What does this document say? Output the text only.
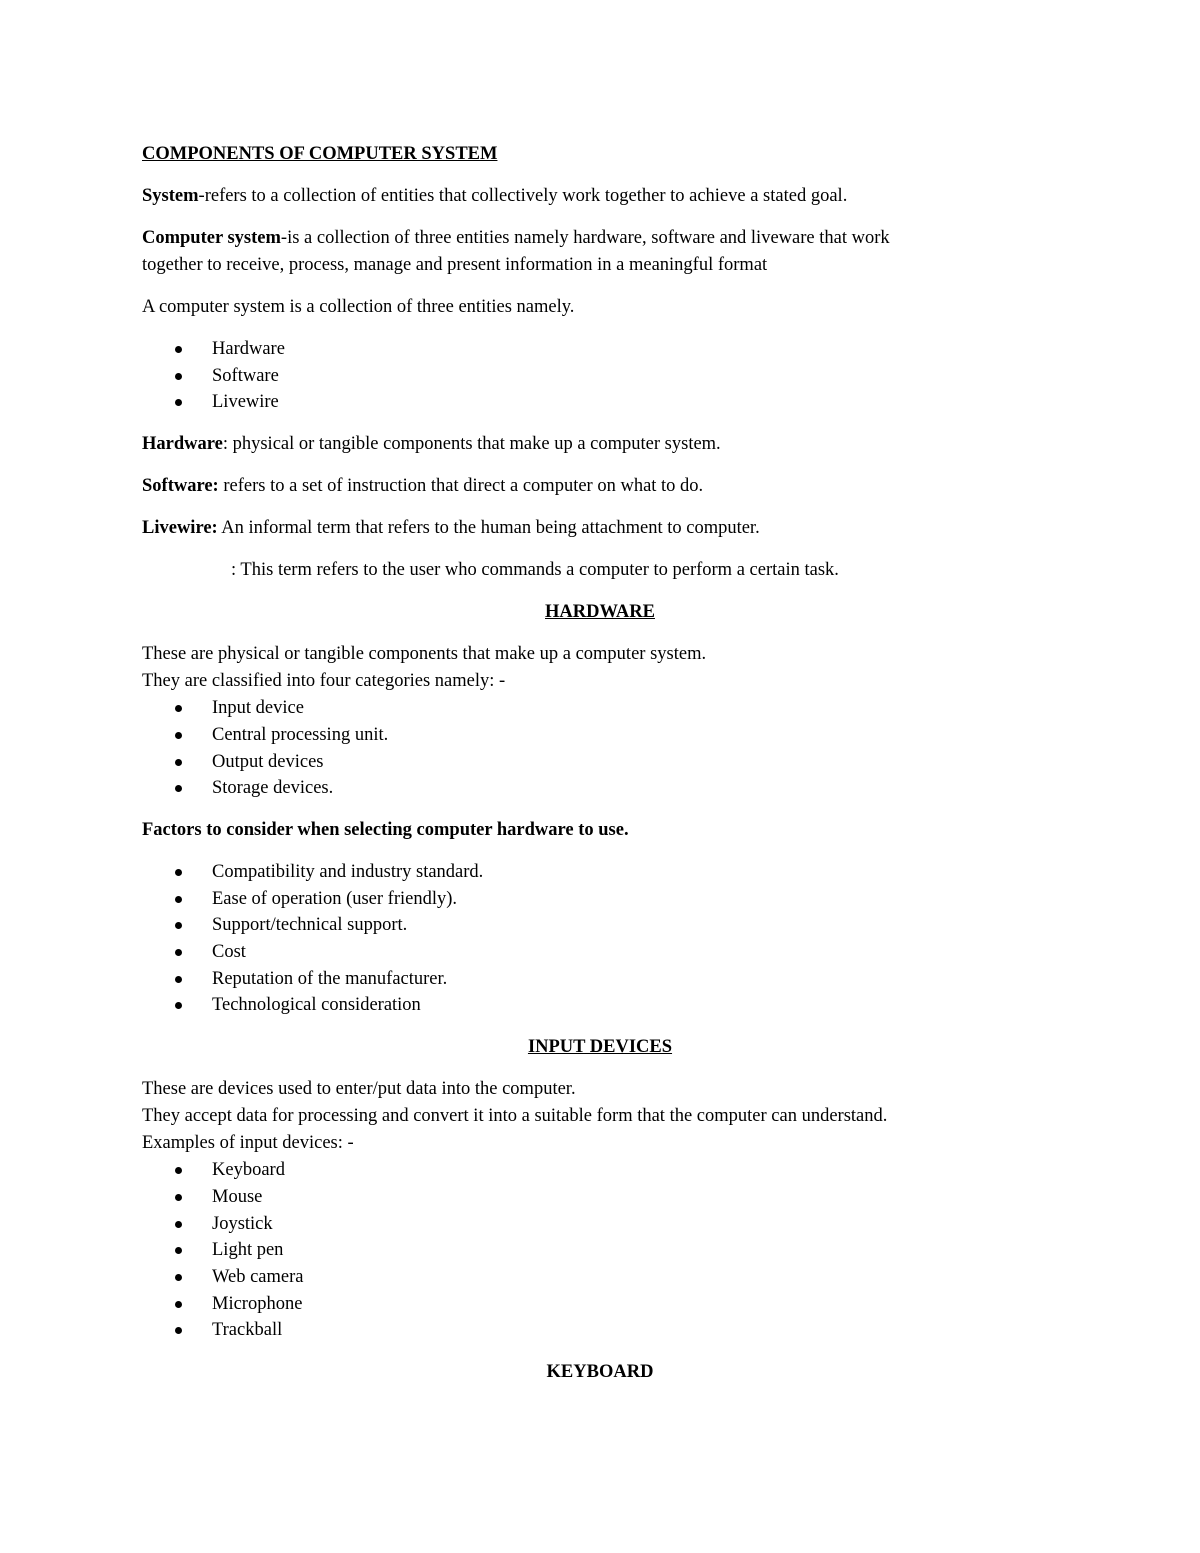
COMPONENTS OF COMPUTER SYSTEM

System-refers to a collection of entities that collectively work together to achieve a stated goal.

Computer system-is a collection of three entities namely hardware, software and liveware that work
together to receive, process, manage and present information in a meaningful format

A computer system is a collection of three entities namely.

Hardware
Software
Livewire

Hardware: physical or tangible components that make up a computer system.

Software: refers to a set of instruction that direct a computer on what to do.

Livewire: An informal term that refers to the human being attachment to computer.

: This term refers to the user who commands a computer to perform a certain task.

HARDWARE
These are physical or tangible components that make up a computer system.
They are classified into four categories namely: -
Input device
Central processing unit.
Output devices
Storage devices.

Factors to consider when selecting computer hardware to use.

Compatibility and industry standard.
Ease of operation (user friendly).
Support/technical support.
Cost
Reputation of the manufacturer.
Technological consideration
INPUT DEVICES
These are devices used to enter/put data into the computer.
They accept data for processing and convert it into a suitable form that the computer can understand.
Examples of input devices: -
Keyboard
Mouse
Joystick
Light pen
Web camera
Microphone
Trackball
KEYBOARD
